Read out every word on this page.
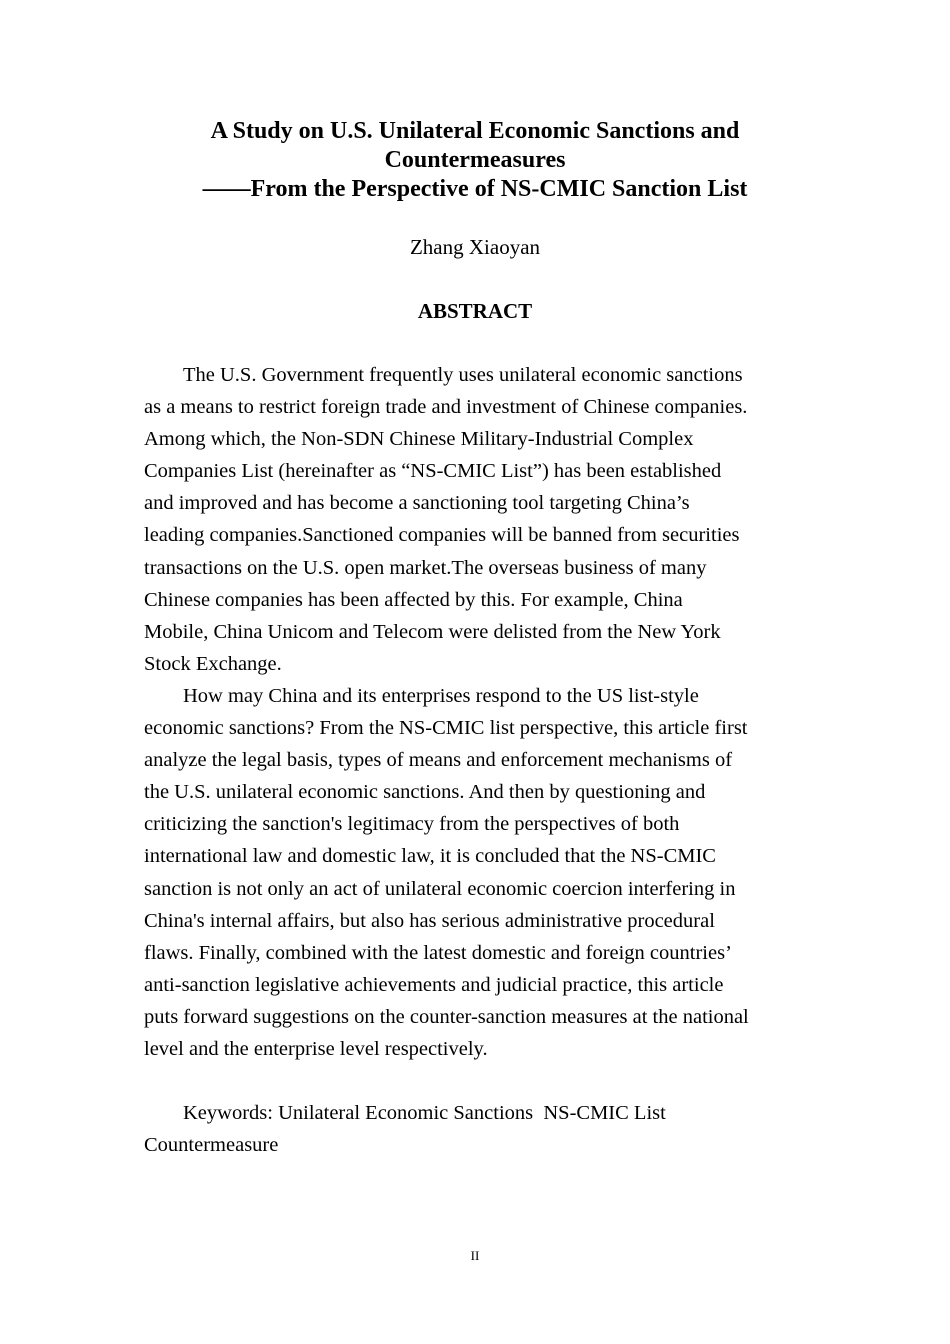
A Study on U.S. Unilateral Economic Sanctions and
Countermeasures
——From the Perspective of NS-CMIC Sanction List
Zhang Xiaoyan
ABSTRACT
The U.S. Government frequently uses unilateral economic sanctions
as a means to restrict foreign trade and investment of Chinese companies.
Among which, the Non-SDN Chinese Military-Industrial Complex
Companies List (hereinafter as “NS-CMIC List”) has been established
and improved and has become a sanctioning tool targeting China’s
leading companies.Sanctioned companies will be banned from securities
transactions on the U.S. open market.The overseas business of many
Chinese companies has been affected by this. For example, China
Mobile, China Unicom and Telecom were delisted from the New York
Stock Exchange.
How may China and its enterprises respond to the US list-style
economic sanctions? From the NS-CMIC list perspective, this article first
analyze the legal basis, types of means and enforcement mechanisms of
the U.S. unilateral economic sanctions. And then by questioning and
criticizing the sanction's legitimacy from the perspectives of both
international law and domestic law, it is concluded that the NS-CMIC
sanction is not only an act of unilateral economic coercion interfering in
China's internal affairs, but also has serious administrative procedural
flaws. Finally, combined with the latest domestic and foreign countries’
anti-sanction legislative achievements and judicial practice, this article
puts forward suggestions on the counter-sanction measures at the national
level and the enterprise level respectively.
Keywords: Unilateral Economic Sanctions  NS-CMIC List
Countermeasure
II
